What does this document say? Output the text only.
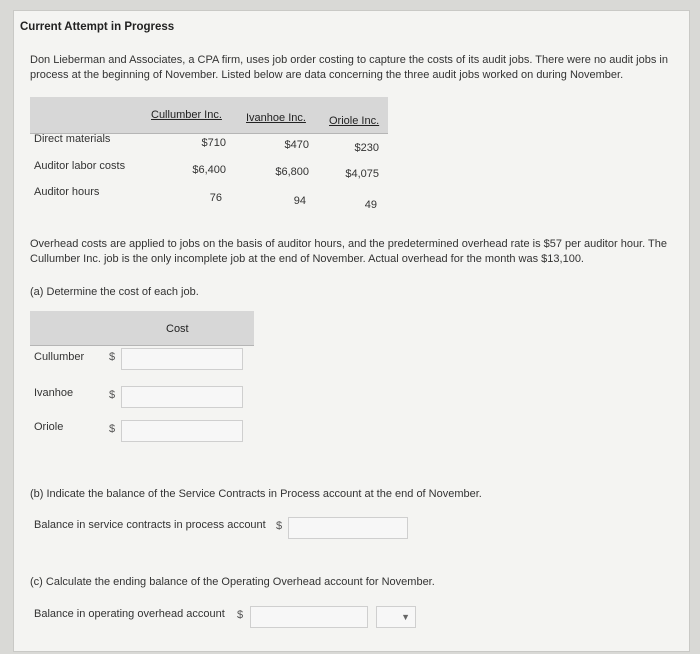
Current Attempt in Progress
Don Lieberman and Associates, a CPA firm, uses job order costing to capture the costs of its audit jobs. There were no audit jobs in process at the beginning of November. Listed below are data concerning the three audit jobs worked on during November.
Cullumber Inc. Ivanhoe Inc. Oriole Inc.
Direct materials	$710	$470	$230
Auditor labor costs	$6,400	$6,800	$4,075
Auditor hours	76	94	49
Overhead costs are applied to jobs on the basis of auditor hours, and the predetermined overhead rate is $57 per auditor hour. The Cullumber Inc. job is the only incomplete job at the end of November. Actual overhead for the month was $13,100.
(a) Determine the cost of each job.
Cost
Cullumber $
Ivanhoe	$
Oriole	$
(b) Indicate the balance of the Service Contracts in Process account at the end of November.
Balance in service contracts in process account $
(c) Calculate the ending balance of the Operating Overhead account for November.
Balance in operating overhead account $	▼
